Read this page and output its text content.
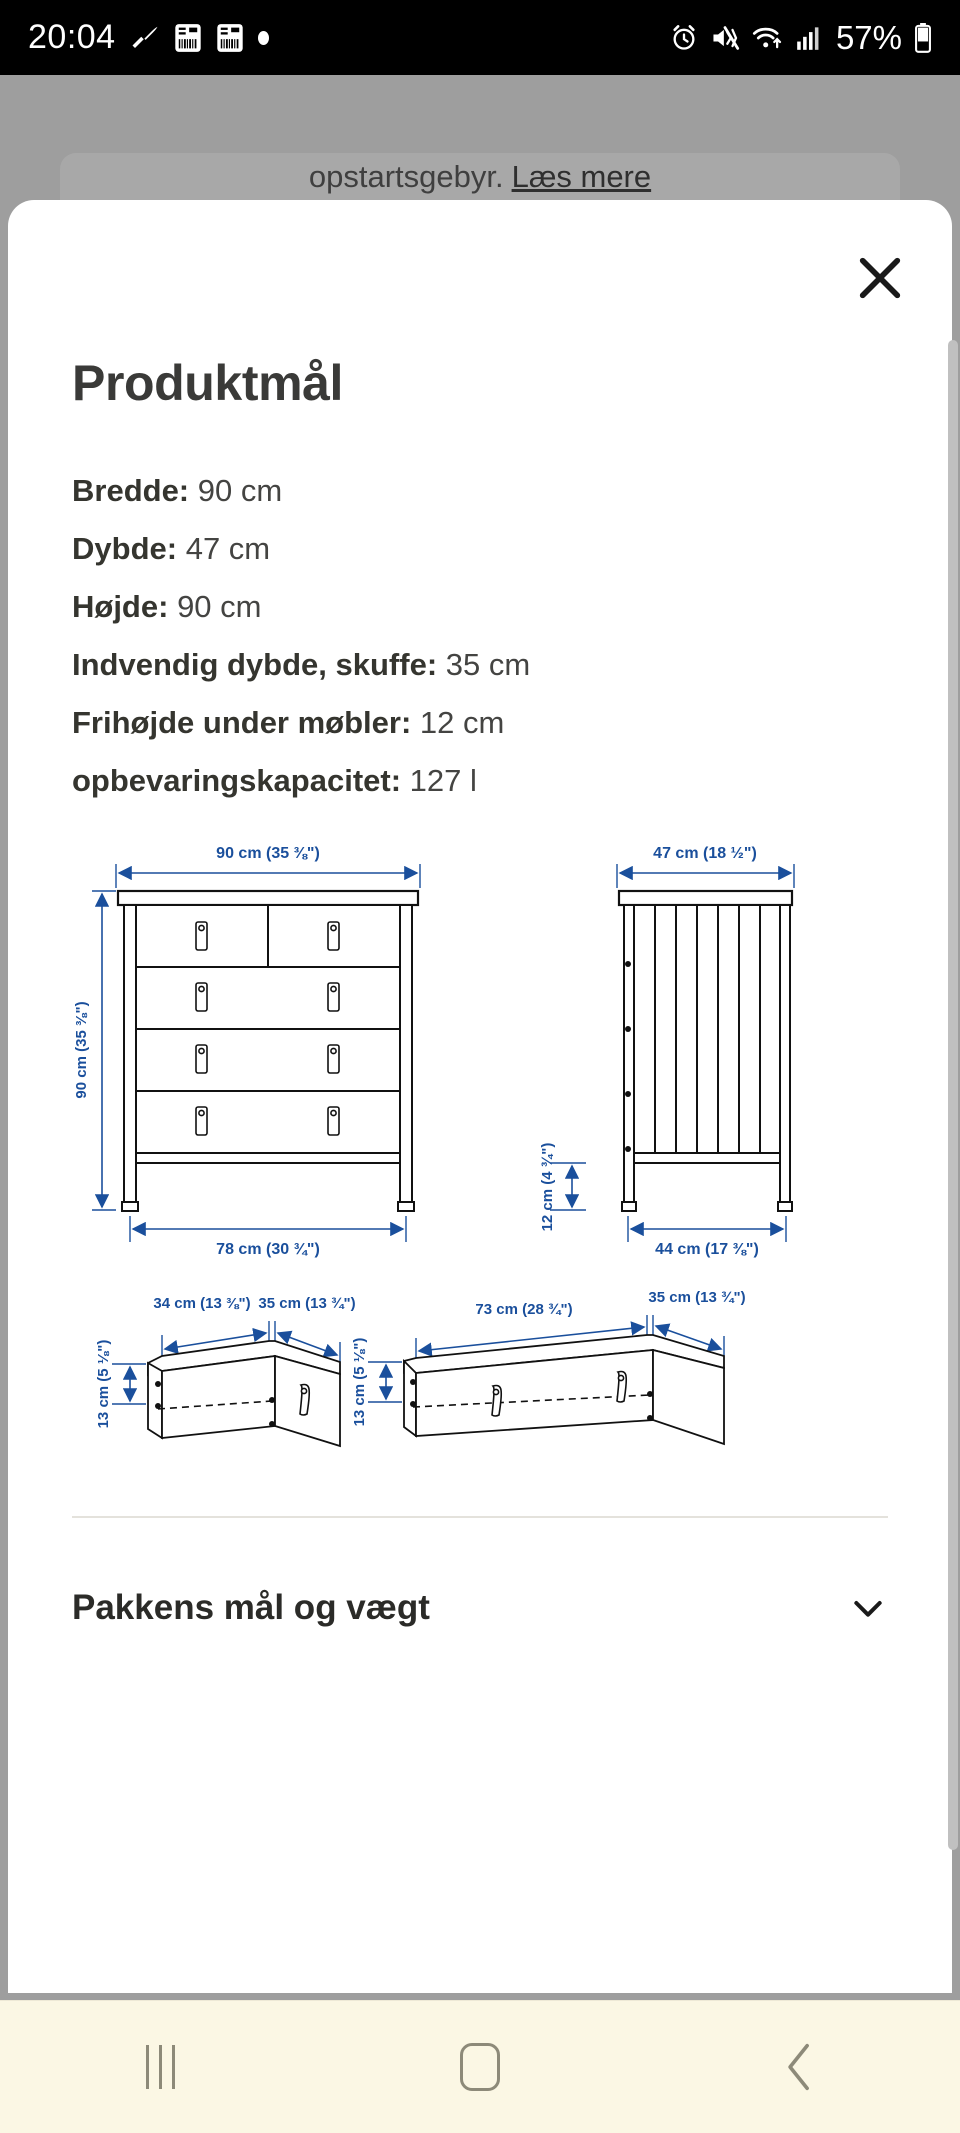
20:04	57%
opstartsgebyr. Læs mere
Produktmål
Bredde: 90 cm
Dybde: 47 cm
Højde: 90 cm
Indvendig dybde, skuffe: 35 cm
Frihøjde under møbler: 12 cm
opbevaringskapacitet: 127 l
90 cm (35 ⅜")
90 cm (35 ⅜")
78 cm (30 ¾")
47 cm (18 ½")
12 cm (4 ¾")
44 cm (17 ⅜")
34 cm (13 ⅜") 35 cm (13 ¾")
13 cm (5 ⅛")
73 cm (28 ¾")
35 cm (13 ¾")
13 cm (5 ⅛")
Pakkens mål og vægt
